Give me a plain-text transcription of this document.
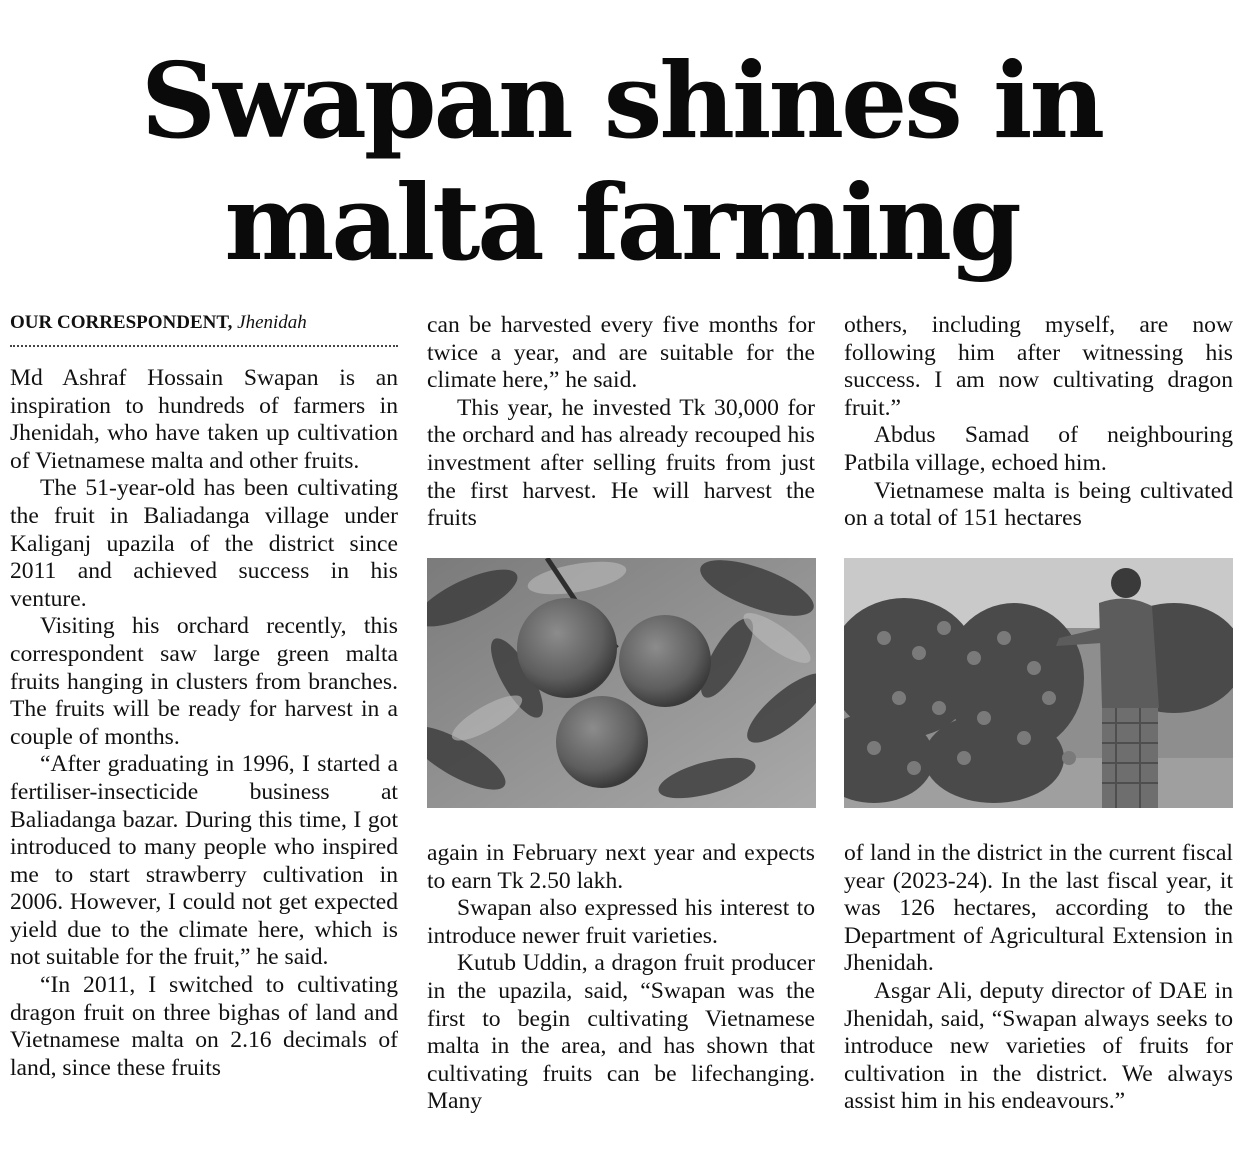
Swapan shines in
malta farming
OUR CORRESPONDENT, Jhenidah

Md Ashraf Hossain Swapan is an inspiration to hundreds of farmers in Jhenidah, who have taken up cultivation of Vietnamese malta and other fruits.

The 51-year-old has been cultivating the fruit in Baliadanga village under Kaliganj upazila of the district since 2011 and achieved success in his venture.

Visiting his orchard recently, this correspondent saw large green malta fruits hanging in clusters from branches. The fruits will be ready for harvest in a couple of months.

“After graduating in 1996, I started a fertiliser-insecticide business at Baliadanga bazar. During this time, I got introduced to many people who inspired me to start strawberry cultivation in 2006. However, I could not get expected yield due to the climate here, which is not suitable for the fruit,” he said.

“In 2011, I switched to cultivating dragon fruit on three bighas of land and Vietnamese malta on 2.16 decimals of land, since these fruits

can be harvested every five months for twice a year, and are suitable for the climate here,” he said.

This year, he invested Tk 30,000 for the orchard and has already recouped his investment after selling fruits from just the first harvest. He will harvest the fruits

again in February next year and expects to earn Tk 2.50 lakh.

Swapan also expressed his interest to introduce newer fruit varieties.

Kutub Uddin, a dragon fruit producer in the upazila, said, “Swapan was the first to begin cultivating Vietnamese malta in the area, and has shown that cultivating fruits can be lifechanging. Many

others, including myself, are now following him after witnessing his success. I am now cultivating dragon fruit.”

Abdus Samad of neighbouring Patbila village, echoed him.

Vietnamese malta is being cultivated on a total of 151 hectares

of land in the district in the current fiscal year (2023-24). In the last fiscal year, it was 126 hectares, according to the Department of Agricultural Extension in Jhenidah.

Asgar Ali, deputy director of DAE in Jhenidah, said, “Swapan always seeks to introduce new varieties of fruits for cultivation in the district. We always assist him in his endeavours.”
